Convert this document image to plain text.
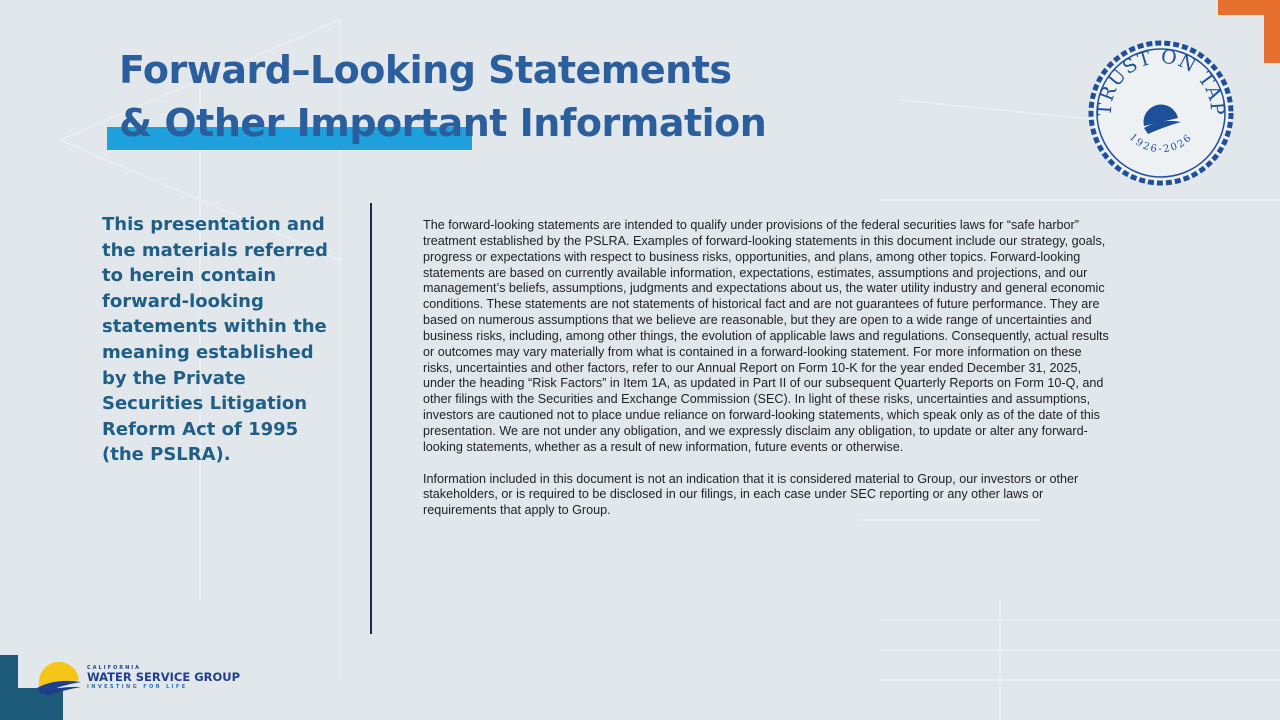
Forward–Looking Statements
& Other Important Information	TRUST ON TAP
1926-2026
This presentation and the materials referred to herein contain forward-looking statements within the meaning established by the Private Securities Litigation Reform Act of 1995 (the PSLRA).

The forward-looking statements are intended to qualify under provisions of the federal securities laws for “safe harbor”
treatment established by the PSLRA. Examples of forward-looking statements in this document include our strategy, goals,
progress or expectations with respect to business risks, opportunities, and plans, among other topics. Forward-looking
statements are based on currently available information, expectations, estimates, assumptions and projections, and our
management’s beliefs, assumptions, judgments and expectations about us, the water utility industry and general economic
conditions. These statements are not statements of historical fact and are not guarantees of future performance. They are
based on numerous assumptions that we believe are reasonable, but they are open to a wide range of uncertainties and
business risks, including, among other things, the evolution of applicable laws and regulations. Consequently, actual results
or outcomes may vary materially from what is contained in a forward-looking statement. For more information on these
risks, uncertainties and other factors, refer to our Annual Report on Form 10-K for the year ended December 31, 2025,
under the heading “Risk Factors” in Item 1A, as updated in Part II of our subsequent Quarterly Reports on Form 10-Q, and
other filings with the Securities and Exchange Commission (SEC). In light of these risks, uncertainties and assumptions,
investors are cautioned not to place undue reliance on forward-looking statements, which speak only as of the date of this
presentation. We are not under any obligation, and we expressly disclaim any obligation, to update or alter any forward-
looking statements, whether as a result of new information, future events or otherwise.

Information included in this document is not an indication that it is considered material to Group, our investors or other
stakeholders, or is required to be disclosed in our filings, in each case under SEC reporting or any other laws or
requirements that apply to Group.

CALIFORNIA
WATER SERVICE GROUP
INVESTING FOR LIFE
